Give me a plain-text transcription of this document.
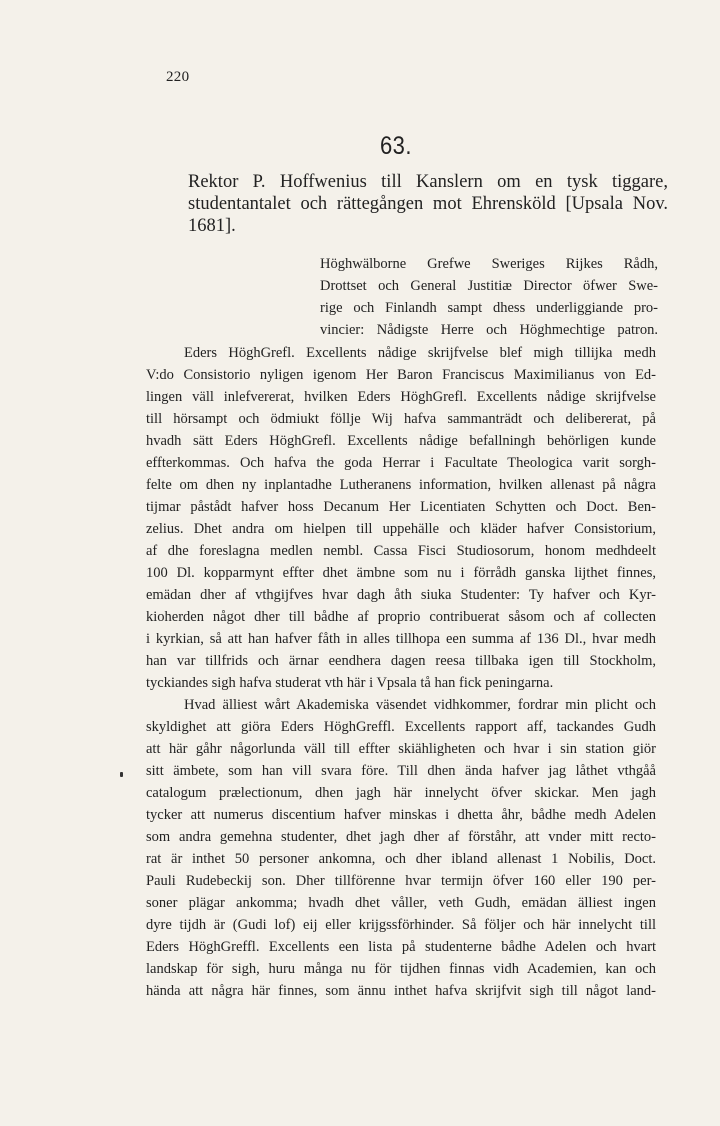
220
63.
Rektor P. Hoffwenius till Kanslern om en tysk tiggare,
studentantalet och rättegången mot Ehrensköld [Upsala Nov.
1681].
Höghwälborne Grefwe Sweriges Rijkes Rådh,
Drottset och General Justitiæ Director öfwer Swe-
rige och Finlandh sampt dhess underliggiande pro-
vincier: Nådigste Herre och Höghmechtige patron.
Eders HöghGrefl. Excellents nådige skrijfvelse blef migh tillijka medh
V:do Consistorio nyligen igenom Her Baron Franciscus Maximilianus von Ed-
lingen väll inlefvererat, hvilken Eders HöghGrefl. Excellents nådige skrijfvelse
till hörsampt och ödmiukt föllje Wij hafva sammanträdt och delibererat, på
hvadh sätt Eders HöghGrefl. Excellents nådige befallningh behörligen kunde
effterkommas. Och hafva the goda Herrar i Facultate Theologica varit sorgh-
felte om dhen ny inplantadhe Lutheranens information, hvilken allenast på några
tijmar påstådt hafver hoss Decanum Her Licentiaten Schytten och Doct. Ben-
zelius. Dhet andra om hielpen till uppehälle och kläder hafver Consistorium,
af dhe foreslagna medlen nembl. Cassa Fisci Studiosorum, honom medhdeelt
100 Dl. kopparmynt effter dhet ämbne som nu i förrådh ganska lijthet finnes,
emädan dher af vthgijfves hvar dagh åth siuka Studenter: Ty hafver och Kyr-
kioherden något dher till bådhe af proprio contribuerat såsom och af collecten
i kyrkian, så att han hafver fåth in alles tillhopa een summa af 136 Dl., hvar medh
han var tillfrids och ärnar eendhera dagen reesa tillbaka igen till Stockholm,
tyckiandes sigh hafva studerat vth här i Vpsala tå han fick peningarna.
Hvad älliest wårt Akademiska väsendet vidhkommer, fordrar min plicht och
skyldighet att giöra Eders HöghGreffl. Excellents rapport aff, tackandes Gudh
att här gåhr någorlunda väll till effter skiähligheten och hvar i sin station giör
sitt ämbete, som han vill svara före. Till dhen ända hafver jag låthet vthgåå
catalogum prælectionum, dhen jagh här innelycht öfver skickar. Men jagh
tycker att numerus discentium hafver minskas i dhetta åhr, bådhe medh Adelen
som andra gemehna studenter, dhet jagh dher af förståhr, att vnder mitt recto-
rat är inthet 50 personer ankomna, och dher ibland allenast 1 Nobilis, Doct.
Pauli Rudebeckij son. Dher tillförenne hvar termijn öfver 160 eller 190 per-
soner plägar ankomma; hvadh dhet våller, veth Gudh, emädan älliest ingen
dyre tijdh är (Gudi lof) eij eller krijgssförhinder. Så följer och här innelycht till
Eders HöghGreffl. Excellents een lista på studenterne bådhe Adelen och hvart
landskap för sigh, huru många nu för tijdhen finnas vidh Academien, kan och
hända att några här finnes, som ännu inthet hafva skrijfvit sigh till något land-
